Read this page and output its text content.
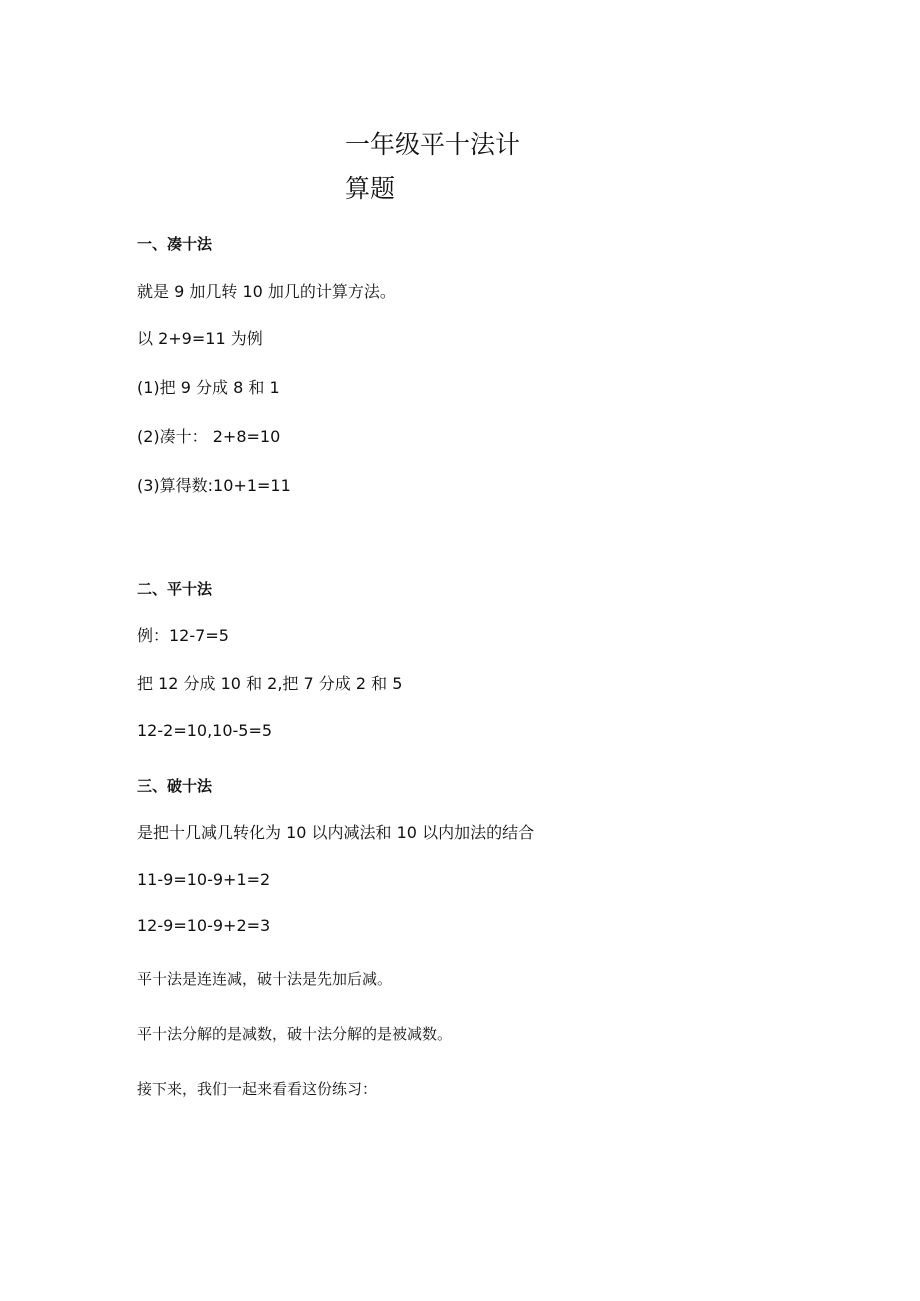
一年级平十法计
算题
一、凑十法
就是 9 加几转 10 加几的计算方法。
以 2+9=11 为例
(1)把 9 分成 8 和 1
(2)凑十： 2+8=10
(3)算得数:10+1=11
二、平十法
例：12-7=5
把 12 分成 10 和 2,把 7 分成 2 和 5
12-2=10,10-5=5
三、破十法
是把十几减几转化为 10 以内减法和 10 以内加法的结合
11-9=10-9+1=2
12-9=10-9+2=3
平十法是连连减，破十法是先加后减。
平十法分解的是减数，破十法分解的是被减数。
接下来，我们一起来看看这份练习：
